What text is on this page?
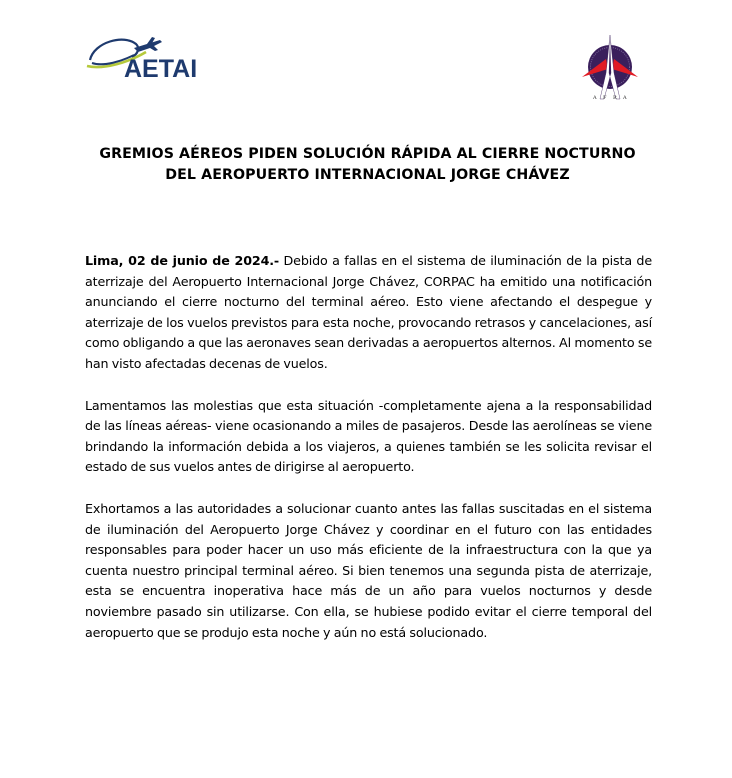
AETAI
A F R A
GREMIOS AÉREOS PIDEN SOLUCIÓN RÁPIDA AL CIERRE NOCTURNO DEL AEROPUERTO INTERNACIONAL JORGE CHÁVEZ

Lima, 02 de junio de 2024.- Debido a fallas en el sistema de iluminación de la pista de aterrizaje del Aeropuerto Internacional Jorge Chávez, CORPAC ha emitido una notificación anunciando el cierre nocturno del terminal aéreo. Esto viene afectando el despegue y aterrizaje de los vuelos previstos para esta noche, provocando retrasos y cancelaciones, así como obligando a que las aeronaves sean derivadas a aeropuertos alternos. Al momento se han visto afectadas decenas de vuelos.

Lamentamos las molestias que esta situación -completamente ajena a la responsabilidad de las líneas aéreas- viene ocasionando a miles de pasajeros. Desde las aerolíneas se viene brindando la información debida a los viajeros, a quienes también se les solicita revisar el estado de sus vuelos antes de dirigirse al aeropuerto.

Exhortamos a las autoridades a solucionar cuanto antes las fallas suscitadas en el sistema de iluminación del Aeropuerto Jorge Chávez y coordinar en el futuro con las entidades responsables para poder hacer un uso más eficiente de la infraestructura con la que ya cuenta nuestro principal terminal aéreo. Si bien tenemos una segunda pista de aterrizaje, esta se encuentra inoperativa hace más de un año para vuelos nocturnos y desde noviembre pasado sin utilizarse. Con ella, se hubiese podido evitar el cierre temporal del aeropuerto que se produjo esta noche y aún no está solucionado.
